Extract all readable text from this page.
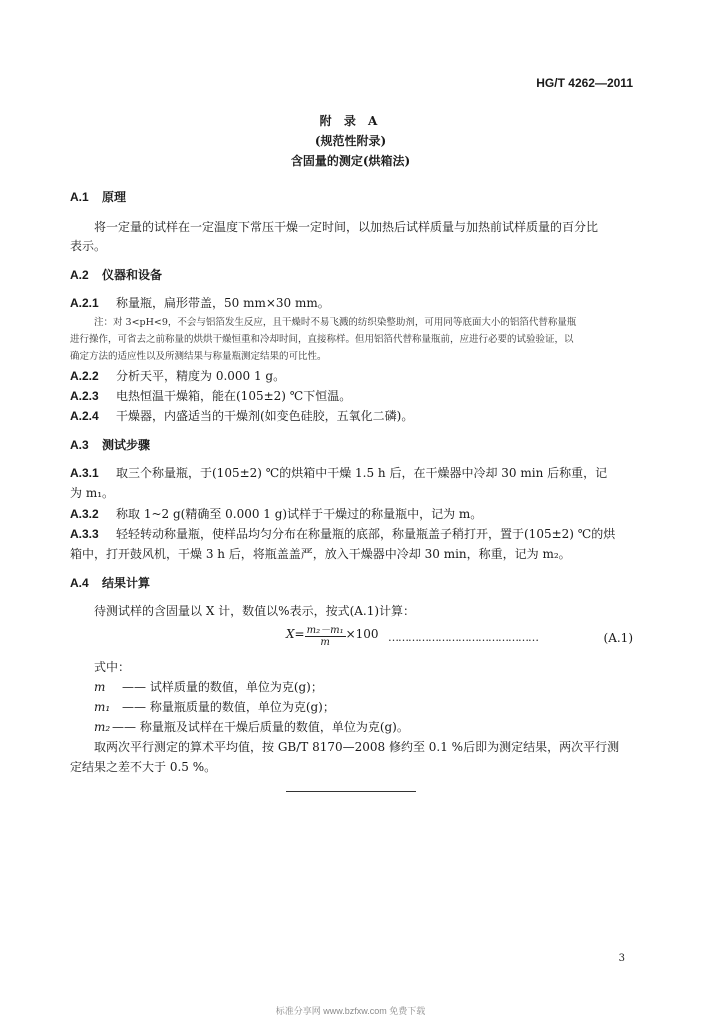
HG/T 4262—2011
附 录 A
(规范性附录)
含固量的测定(烘箱法)
A.1 原理
将一定量的试样在一定温度下常压干燥一定时间，以加热后试样质量与加热前试样质量的百分比
表示。
A.2 仪器和设备
A.2.1 称量瓶，扁形带盖，50 mm×30 mm。
注：对 3<pH<9，不会与铝箔发生反应，且干燥时不易飞溅的纺织染整助剂，可用同等底面大小的铝箔代替称量瓶
进行操作，可省去之前称量的烘烘干燥恒重和冷却时间，直接称样。但用铝箔代替称量瓶前，应进行必要的试验验证，以
确定方法的适应性以及所测结果与称量瓶测定结果的可比性。
A.2.2 分析天平，精度为 0.000 1 g。
A.2.3 电热恒温干燥箱，能在(105±2) ℃下恒温。
A.2.4 干燥器，内盛适当的干燥剂(如变色硅胶，五氧化二磷)。
A.3 测试步骤
A.3.1 取三个称量瓶，于(105±2) ℃的烘箱中干燥 1.5 h 后，在干燥器中冷却 30 min 后称重，记
为 m₁。
A.3.2 称取 1~2 g(精确至 0.000 1 g)试样于干燥过的称量瓶中，记为 m。
A.3.3 轻轻转动称量瓶，使样品均匀分布在称量瓶的底部，称量瓶盖子稍打开，置于(105±2) ℃的烘
箱中，打开鼓风机，干燥 3 h 后，将瓶盖盖严，放入干燥器中冷却 30 min，称重，记为 m₂。
A.4 结果计算
待测试样的含固量以 X 计，数值以%表示，按式(A.1)计算：
$X= \frac{\text{m₂－m₁}}{m} \times 100$ ………………………………………	(A.1)
式中：
m —— 试样质量的数值，单位为克(g)；
m₁ —— 称量瓶质量的数值，单位为克(g)；
m₂ —— 称量瓶及试样在干燥后质量的数值，单位为克(g)。
取两次平行测定的算术平均值，按 GB/T 8170—2008 修约至 0.1 %后即为测定结果，两次平行测
定结果之差不大于 0.5 %。
3
标准分享网 www.bzfxw.com 免费下载
